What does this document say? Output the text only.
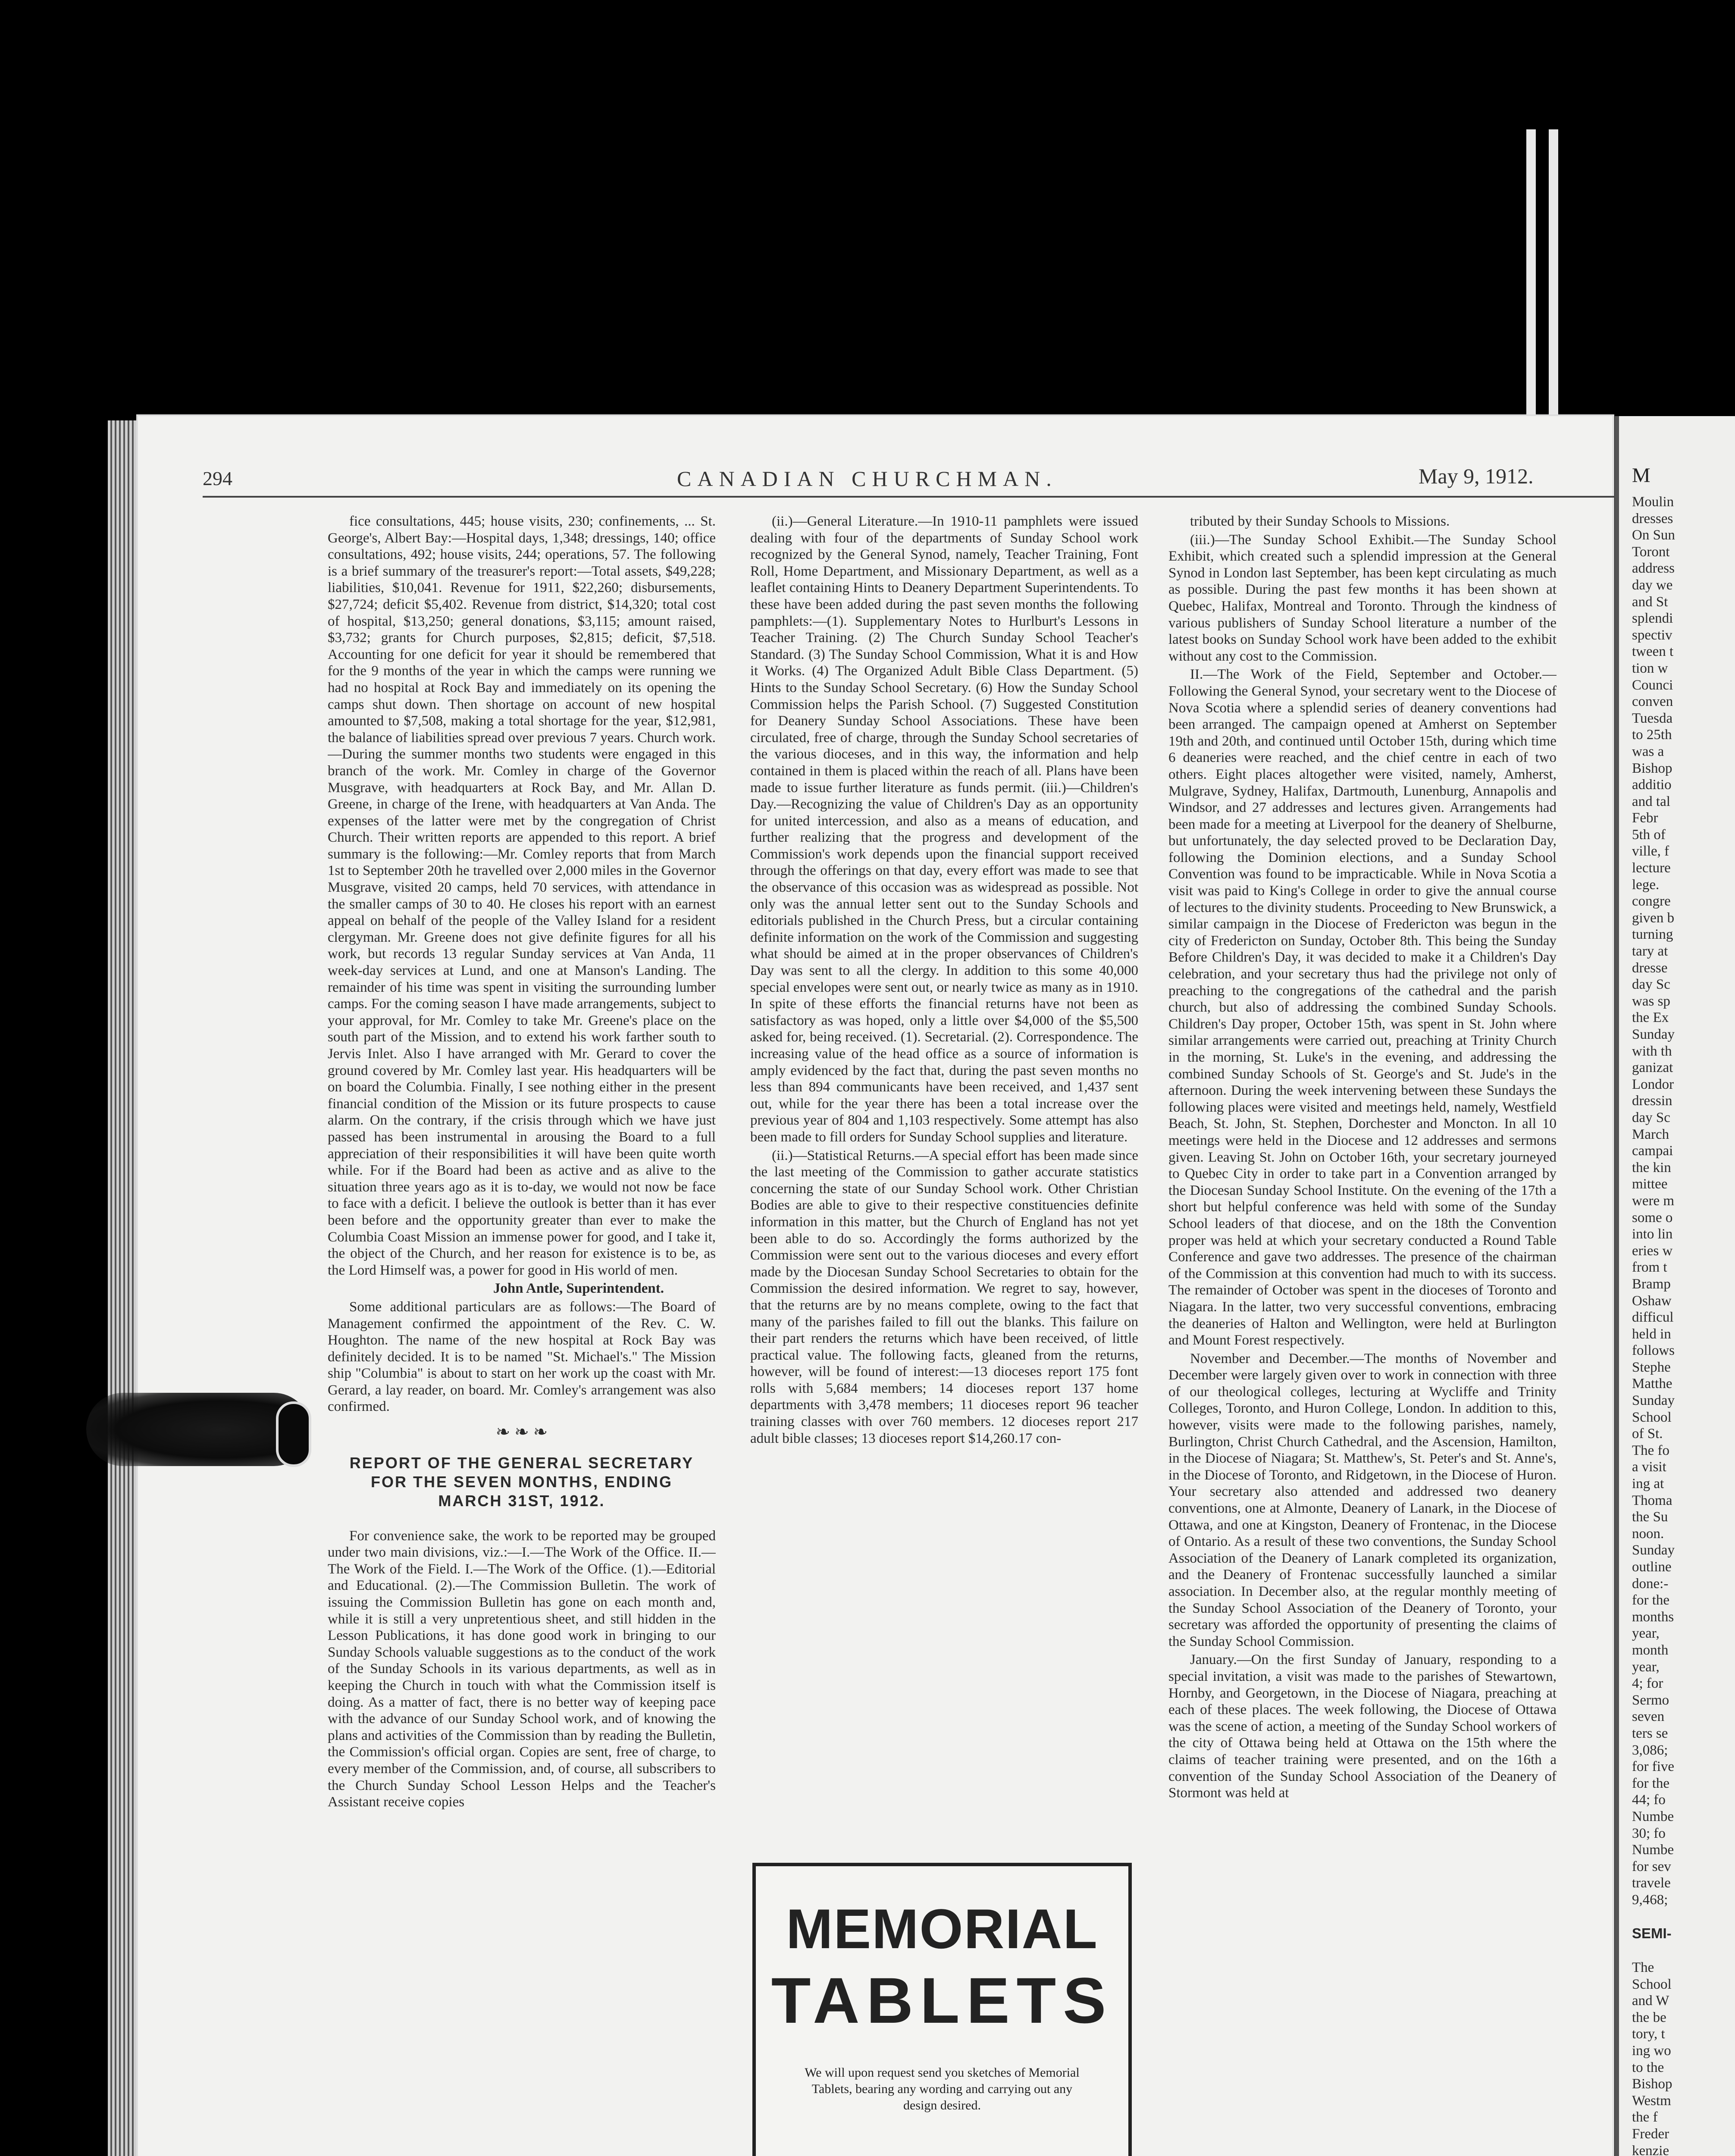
294	CANADIAN CHURCHMAN.	May 9, 1912.

fice consultations, 445; house visits, 230; confinements, ... St. George's, Albert Bay:—Hospital days, 1,348; dressings, 140; office consultations, 492; house visits, 244; operations, 57. The following is a brief summary of the treasurer's report:—Total assets, $49,228; liabilities, $10,041. Revenue for 1911, $22,260; disbursements, $27,724; deficit $5,402. Revenue from district, $14,320; total cost of hospital, $13,250; general donations, $3,115; amount raised, $3,732; grants for Church purposes, $2,815; deficit, $7,518. Accounting for one deficit for year it should be remembered that for the 9 months of the year in which the camps were running we had no hospital at Rock Bay and immediately on its opening the camps shut down. Then shortage on account of new hospital amounted to $7,508, making a total shortage for the year, $12,981, the balance of liabilities spread over previous 7 years. Church work.—During the summer months two students were engaged in this branch of the work. Mr. Comley in charge of the Governor Musgrave, with headquarters at Rock Bay, and Mr. Allan D. Greene, in charge of the Irene, with headquarters at Van Anda. The expenses of the latter were met by the congregation of Christ Church. Their written reports are appended to this report. A brief summary is the following:—Mr. Comley reports that from March 1st to September 20th he travelled over 2,000 miles in the Governor Musgrave, visited 20 camps, held 70 services, with attendance in the smaller camps of 30 to 40. He closes his report with an earnest appeal on behalf of the people of the Valley Island for a resident clergyman. Mr. Greene does not give definite figures for all his work, but records 13 regular Sunday services at Van Anda, 11 week-day services at Lund, and one at Manson's Landing. The remainder of his time was spent in visiting the surrounding lumber camps. For the coming season I have made arrangements, subject to your approval, for Mr. Comley to take Mr. Greene's place on the south part of the Mission, and to extend his work farther south to Jervis Inlet. Also I have arranged with Mr. Gerard to cover the ground covered by Mr. Comley last year. His headquarters will be on board the Columbia. Finally, I see nothing either in the present financial condition of the Mission or its future prospects to cause alarm. On the contrary, if the crisis through which we have just passed has been instrumental in arousing the Board to a full appreciation of their responsibilities it will have been quite worth while. For if the Board had been as active and as alive to the situation three years ago as it is to-day, we would not now be face to face with a deficit. I believe the outlook is better than it has ever been before and the opportunity greater than ever to make the Columbia Coast Mission an immense power for good, and I take it, the object of the Church, and her reason for existence is to be, as the Lord Himself was, a power for good in His world of men.

John Antle, Superintendent.

Some additional particulars are as follows:—The Board of Management confirmed the appointment of the Rev. C. W. Houghton. The name of the new hospital at Rock Bay was definitely decided. It is to be named "St. Michael's." The Mission ship "Columbia" is about to start on her work up the coast with Mr. Gerard, a lay reader, on board. Mr. Comley's arrangement was also confirmed.

❧ ❧ ❧

REPORT OF THE GENERAL SECRETARY FOR THE SEVEN MONTHS, ENDING MARCH 31ST, 1912.

For convenience sake, the work to be reported may be grouped under two main divisions, viz.:—I.—The Work of the Office. II.—The Work of the Field. I.—The Work of the Office. (1).—Editorial and Educational. (2).—The Commission Bulletin. The work of issuing the Commission Bulletin has gone on each month and, while it is still a very unpretentious sheet, and still hidden in the Lesson Publications, it has done good work in bringing to our Sunday Schools valuable suggestions as to the conduct of the work of the Sunday Schools in its various departments, as well as in keeping the Church in touch with what the Commission itself is doing. As a matter of fact, there is no better way of keeping pace with the advance of our Sunday School work, and of knowing the plans and activities of the Commission than by reading the Bulletin, the Commission's official organ. Copies are sent, free of charge, to every member of the Commission, and, of course, all subscribers to the Church Sunday School Lesson Helps and the Teacher's Assistant receive copies

(ii.)—General Literature.—In 1910-11 pamphlets were issued dealing with four of the departments of Sunday School work recognized by the General Synod, namely, Teacher Training, Font Roll, Home Department, and Missionary Department, as well as a leaflet containing Hints to Deanery Department Superintendents. To these have been added during the past seven months the following pamphlets:—(1). Supplementary Notes to Hurlburt's Lessons in Teacher Training. (2) The Church Sunday School Teacher's Standard. (3) The Sunday School Commission, What it is and How it Works. (4) The Organized Adult Bible Class Department. (5) Hints to the Sunday School Secretary. (6) How the Sunday School Commission helps the Parish School. (7) Suggested Constitution for Deanery Sunday School Associations. These have been circulated, free of charge, through the Sunday School secretaries of the various dioceses, and in this way, the information and help contained in them is placed within the reach of all. Plans have been made to issue further literature as funds permit. (iii.)—Children's Day.—Recognizing the value of Children's Day as an opportunity for united intercession, and also as a means of education, and further realizing that the progress and development of the Commission's work depends upon the financial support received through the offerings on that day, every effort was made to see that the observance of this occasion was as widespread as possible. Not only was the annual letter sent out to the Sunday Schools and editorials published in the Church Press, but a circular containing definite information on the work of the Commission and suggesting what should be aimed at in the proper observances of Children's Day was sent to all the clergy. In addition to this some 40,000 special envelopes were sent out, or nearly twice as many as in 1910. In spite of these efforts the financial returns have not been as satisfactory as was hoped, only a little over $4,000 of the $5,500 asked for, being received. (1). Secretarial. (2). Correspondence. The increasing value of the head office as a source of information is amply evidenced by the fact that, during the past seven months no less than 894 communicants have been received, and 1,437 sent out, while for the year there has been a total increase over the previous year of 804 and 1,103 respectively. Some attempt has also been made to fill orders for Sunday School supplies and literature.

(ii.)—Statistical Returns.—A special effort has been made since the last meeting of the Commission to gather accurate statistics concerning the state of our Sunday School work. Other Christian Bodies are able to give to their respective constituencies definite information in this matter, but the Church of England has not yet been able to do so. Accordingly the forms authorized by the Commission were sent out to the various dioceses and every effort made by the Diocesan Sunday School Secretaries to obtain for the Commission the desired information. We regret to say, however, that the returns are by no means complete, owing to the fact that many of the parishes failed to fill out the blanks. This failure on their part renders the returns which have been received, of little practical value. The following facts, gleaned from the returns, however, will be found of interest:—13 dioceses report 175 font rolls with 5,684 members; 14 dioceses report 137 home departments with 3,478 members; 11 dioceses report 96 teacher training classes with over 760 members. 12 dioceses report 217 adult bible classes; 13 dioceses report $14,260.17 con-

MEMORIAL
TABLETS
We will upon request send you sketches of Memorial Tablets, bearing any wording and carrying out any design desired.

tributed by their Sunday Schools to Missions.

(iii.)—The Sunday School Exhibit.—The Sunday School Exhibit, which created such a splendid impression at the General Synod in London last September, has been kept circulating as much as possible. During the past few months it has been shown at Quebec, Halifax, Montreal and Toronto. Through the kindness of various publishers of Sunday School literature a number of the latest books on Sunday School work have been added to the exhibit without any cost to the Commission.

II.—The Work of the Field, September and October.—Following the General Synod, your secretary went to the Diocese of Nova Scotia where a splendid series of deanery conventions had been arranged. The campaign opened at Amherst on September 19th and 20th, and continued until October 15th, during which time 6 deaneries were reached, and the chief centre in each of two others. Eight places altogether were visited, namely, Amherst, Mulgrave, Sydney, Halifax, Dartmouth, Lunenburg, Annapolis and Windsor, and 27 addresses and lectures given. Arrangements had been made for a meeting at Liverpool for the deanery of Shelburne, but unfortunately, the day selected proved to be Declaration Day, following the Dominion elections, and a Sunday School Convention was found to be impracticable. While in Nova Scotia a visit was paid to King's College in order to give the annual course of lectures to the divinity students. Proceeding to New Brunswick, a similar campaign in the Diocese of Fredericton was begun in the city of Fredericton on Sunday, October 8th. This being the Sunday Before Children's Day, it was decided to make it a Children's Day celebration, and your secretary thus had the privilege not only of preaching to the congregations of the cathedral and the parish church, but also of addressing the combined Sunday Schools. Children's Day proper, October 15th, was spent in St. John where similar arrangements were carried out, preaching at Trinity Church in the morning, St. Luke's in the evening, and addressing the combined Sunday Schools of St. George's and St. Jude's in the afternoon. During the week intervening between these Sundays the following places were visited and meetings held, namely, Westfield Beach, St. John, St. Stephen, Dorchester and Moncton. In all 10 meetings were held in the Diocese and 12 addresses and sermons given. Leaving St. John on October 16th, your secretary journeyed to Quebec City in order to take part in a Convention arranged by the Diocesan Sunday School Institute. On the evening of the 17th a short but helpful conference was held with some of the Sunday School leaders of that diocese, and on the 18th the Convention proper was held at which your secretary conducted a Round Table Conference and gave two addresses. The presence of the chairman of the Commission at this convention had much to with its success. The remainder of October was spent in the dioceses of Toronto and Niagara. In the latter, two very successful conventions, embracing the deaneries of Halton and Wellington, were held at Burlington and Mount Forest respectively.

November and December.—The months of November and December were largely given over to work in connection with three of our theological colleges, lecturing at Wycliffe and Trinity Colleges, Toronto, and Huron College, London. In addition to this, however, visits were made to the following parishes, namely, Burlington, Christ Church Cathedral, and the Ascension, Hamilton, in the Diocese of Niagara; St. Matthew's, St. Peter's and St. Anne's, in the Diocese of Toronto, and Ridgetown, in the Diocese of Huron. Your secretary also attended and addressed two deanery conventions, one at Almonte, Deanery of Lanark, in the Diocese of Ottawa, and one at Kingston, Deanery of Frontenac, in the Diocese of Ontario. As a result of these two conventions, the Sunday School Association of the Deanery of Lanark completed its organization, and the Deanery of Frontenac successfully launched a similar association. In December also, at the regular monthly meeting of the Sunday School Association of the Deanery of Toronto, your secretary was afforded the opportunity of presenting the claims of the Sunday School Commission.

January.—On the first Sunday of January, responding to a special invitation, a visit was made to the parishes of Stewartown, Hornby, and Georgetown, in the Diocese of Niagara, preaching at each of these places. The week following, the Diocese of Ottawa was the scene of action, a meeting of the Sunday School workers of the city of Ottawa being held at Ottawa on the 15th where the claims of teacher training were presented, and on the 16th a convention of the Sunday School Association of the Deanery of Stormont was held at

M
Moulin
dresses
On Sun
Toront
address
day we
and St
splendi
spectiv
tween t
tion w
Counci
conven
Tuesda
to 25th
was a
Bishop
additio
and tal
Febr
5th of
ville, f
lecture
lege.
congre
given b
turning
tary at
dresse
day Sc
was sp
the Ex
Sunday
with th
ganizat
Londor
dressin
day Sc
March
campai
the kin
mittee
were m
some o
into lin
eries w
from t
Bramp
Oshaw
difficul
held in
follows
Stephe
Matthe
Sunday
School
of St.
The fo
a visit
ing at
Thoma
the Su
noon.
Sunday
outline
done:-
for the
months
year,
month
year,
4; for
Sermo
seven
ters se
3,086;
for five
for the
44; fo
Numbe
30; fo
Numbe
for sev
travele
9,468;
SEMI-
The
School
and W
the be
tory, t
ing wo
to the
Bishop
Westm
the f
Freder
kenzie
